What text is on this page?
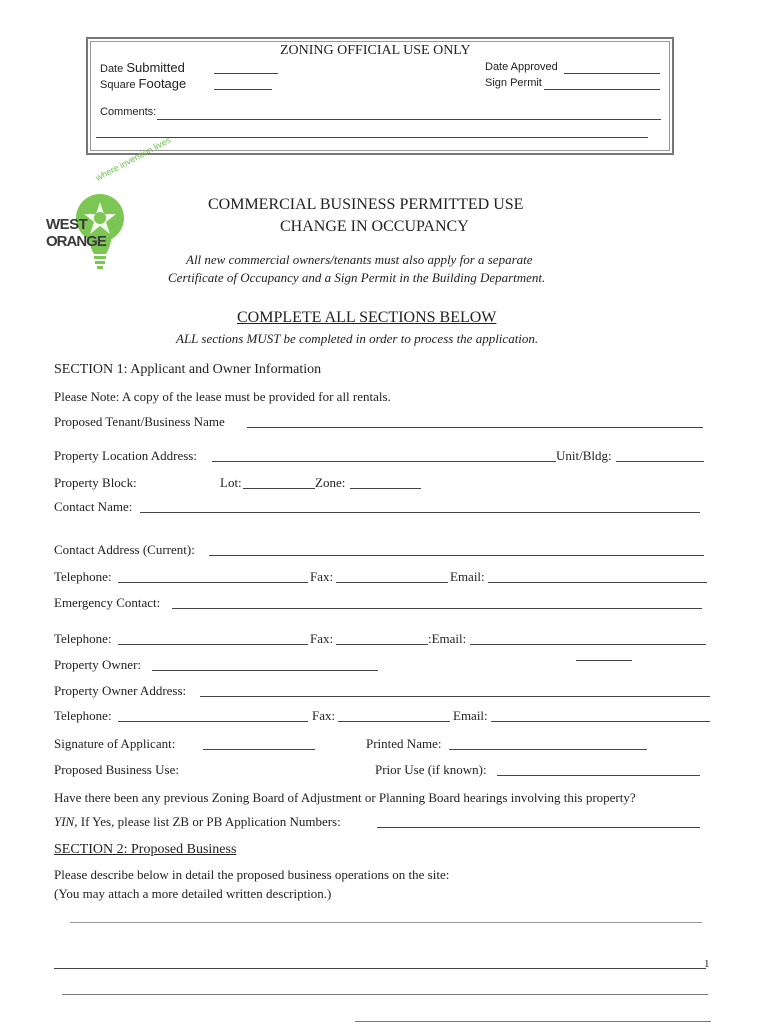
ZONING OFFICIAL USE ONLY
Date Submitted
Square Footage
Date Approved
Sign Permit
Comments:
where invention lives
WEST
ORANGE
COMMERCIAL BUSINESS PERMITTED USE
CHANGE IN OCCUPANCY
All new commercial owners/tenants must also apply for a separate
Certificate of Occupancy and a Sign Permit in the Building Department.
COMPLETE ALL SECTIONS BELOW
ALL sections MUST be completed in order to process the application.
SECTION 1: Applicant and Owner Information
Please Note: A copy of the lease must be provided for all rentals.
Proposed Tenant/Business Name
Property Location Address:	Unit/Bldg:
Property Block:	Lot:	Zone:
Contact Name:
Contact Address (Current):
Telephone:	Fax:	Email:
Emergency Contact:
Telephone:	Fax:	:Email:
Property Owner:
Property Owner Address:
Telephone:	Fax:	Email:
Signature of Applicant:	Printed Name:
Proposed Business Use:	Prior Use (if known):
Have there been any previous Zoning Board of Adjustment or Planning Board hearings involving this property?
YIN, If Yes, please list ZB or PB Application Numbers:
SECTION 2: Proposed Business
Please describe below in detail the proposed business operations on the site:
(You may attach a more detailed written description.)
1
